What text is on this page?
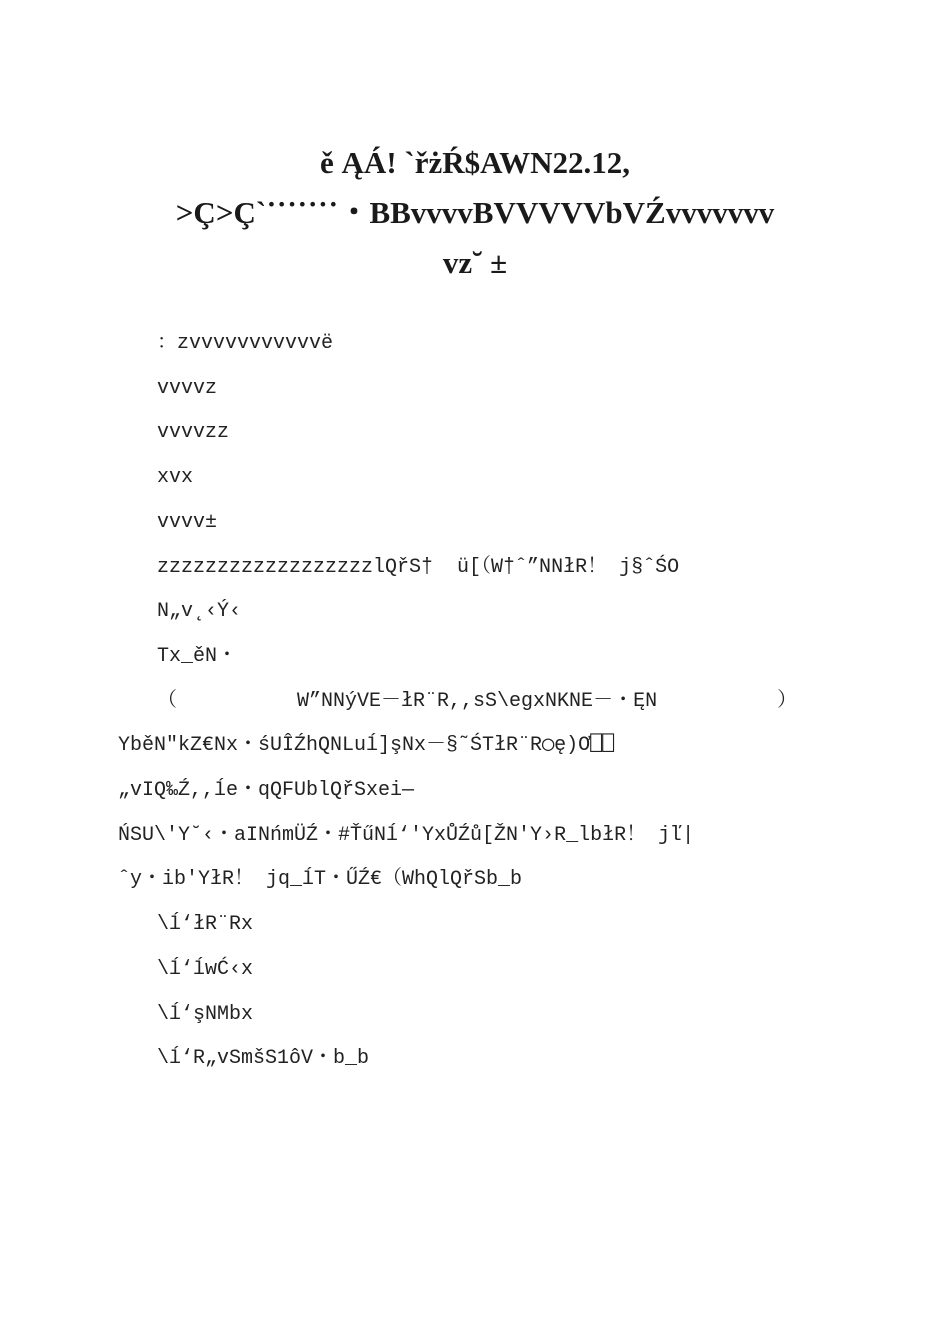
ě ĄÁ! `řżŔ$AWN22.12,
>Ç>Ç`˙˙˙˙˙˙˙・BBvvvvBVVVVVbVŹvvvvvvv
vz˘ ±
：zvvvvvvvvvvvë
vvvvz
vvvvzz
xvx
vvvv±
zzzzzzzzzzzzzzzzzzlQřS†  ü[（W†ˆ”NNłR！ j§ˆŚO
N„v˛‹Ý‹
Tx_ěN・
（          W”NNýVE－łR¨R,,sS\egxNKNE－・ĘN          ）
YběN"kZ€Nx・śUÎŹhQNLuĺ]şNx－§˜ŚTłR¨R◯ę)Ơ⎕⎕
„vIQ‰Ź,,ĺe・qQFUblQřSxei—
ŃSU\'Y˘‹・aINńmÜŹ・#ŤűNĺ‘'YxŮŹů[ŽN'Y›R_lbłR！ jľ|
ˆy・ib'YłR！ jq_ĺT・ŰŹ€（WhQlQřSb_b
\ĺ‘łR¨Rx
\ĺ‘ĺwĆ‹x
\ĺ‘şNMbx
\ĺ‘R„vSmšS1ôV・b_b
